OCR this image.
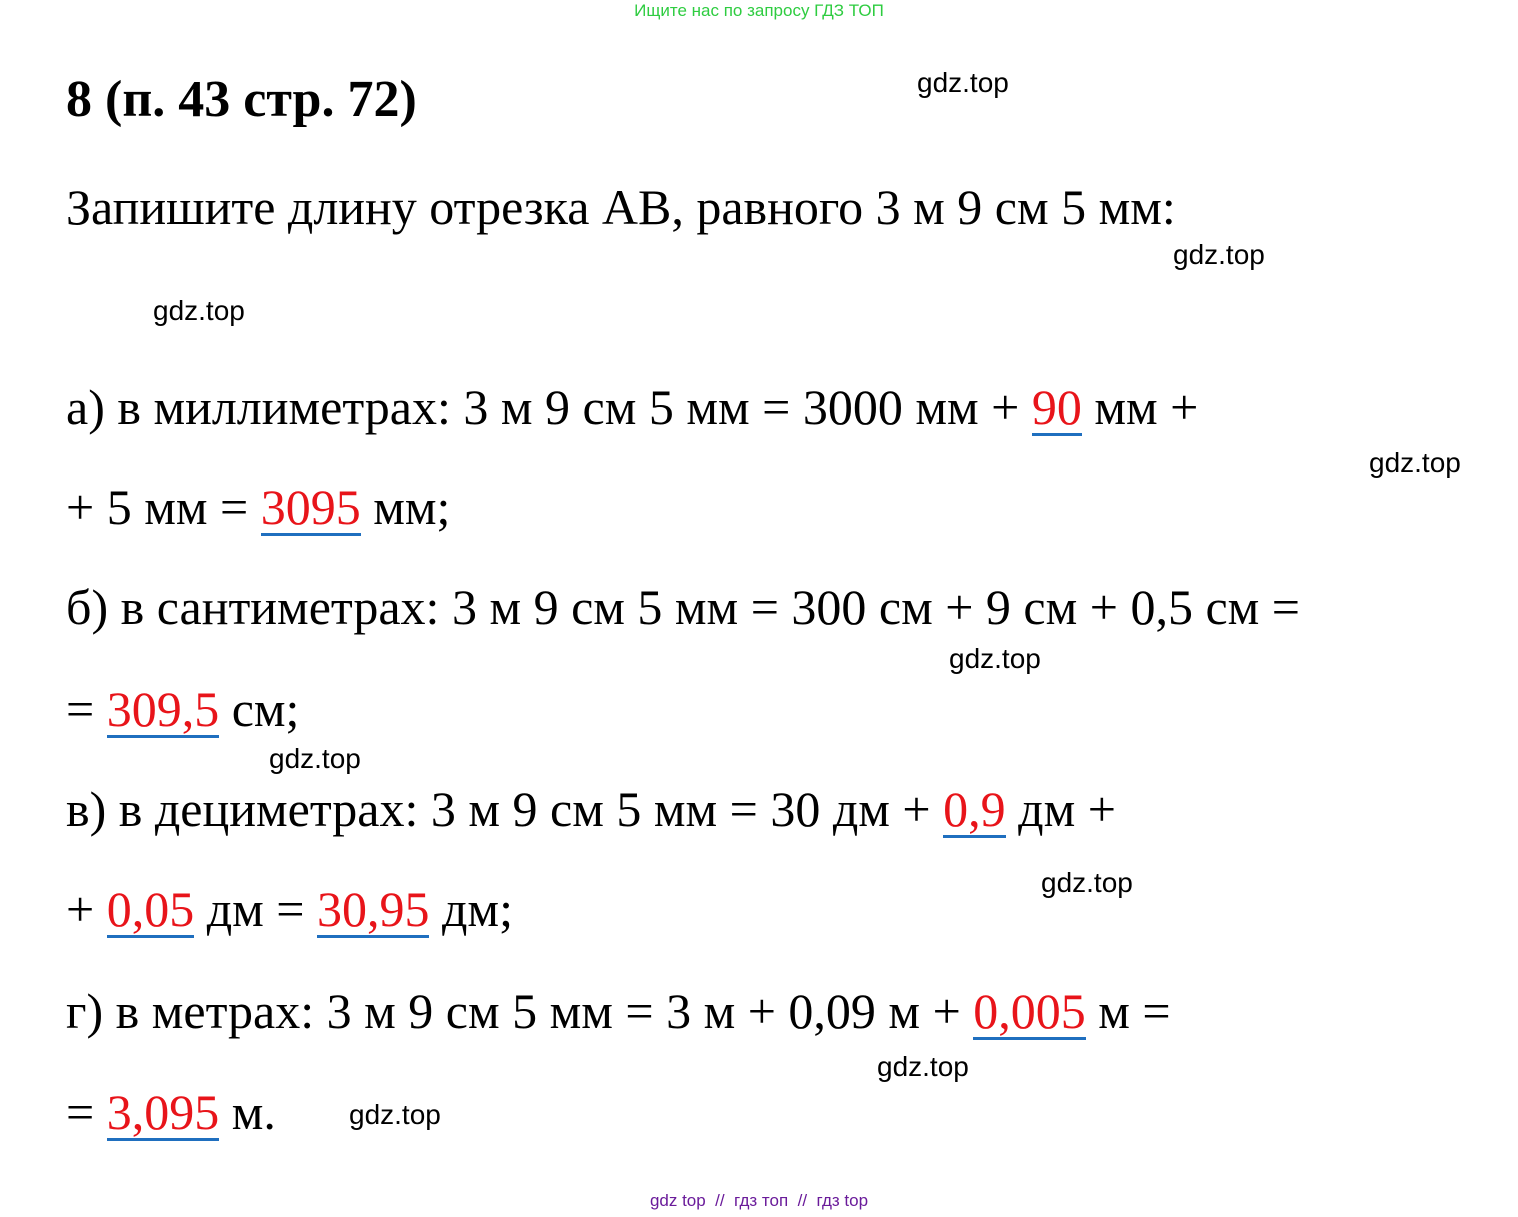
Ищите нас по запросу ГДЗ ТОП
8 (п. 43 стр. 72)
Запишите длину отрезка АВ, равного 3 м 9 см 5 мм:
а) в миллиметрах: 3 м 9 см 5 мм = 3000 мм + 90 мм +
+ 5 мм = 3095 мм;
б) в сантиметрах: 3 м 9 см 5 мм = 300 см + 9 см + 0,5 см =
= 309,5 см;
в) в дециметрах: 3 м 9 см 5 мм = 30 дм + 0,9 дм +
+ 0,05 дм = 30,95 дм;
г) в метрах: 3 м 9 см 5 мм = 3 м + 0,09 м + 0,005 м =
= 3,095 м.
gdz.top
gdz.top
gdz.top
gdz.top
gdz.top
gdz.top
gdz.top
gdz.top
gdz.top
gdz top  //  гдз топ  //  гдз top
